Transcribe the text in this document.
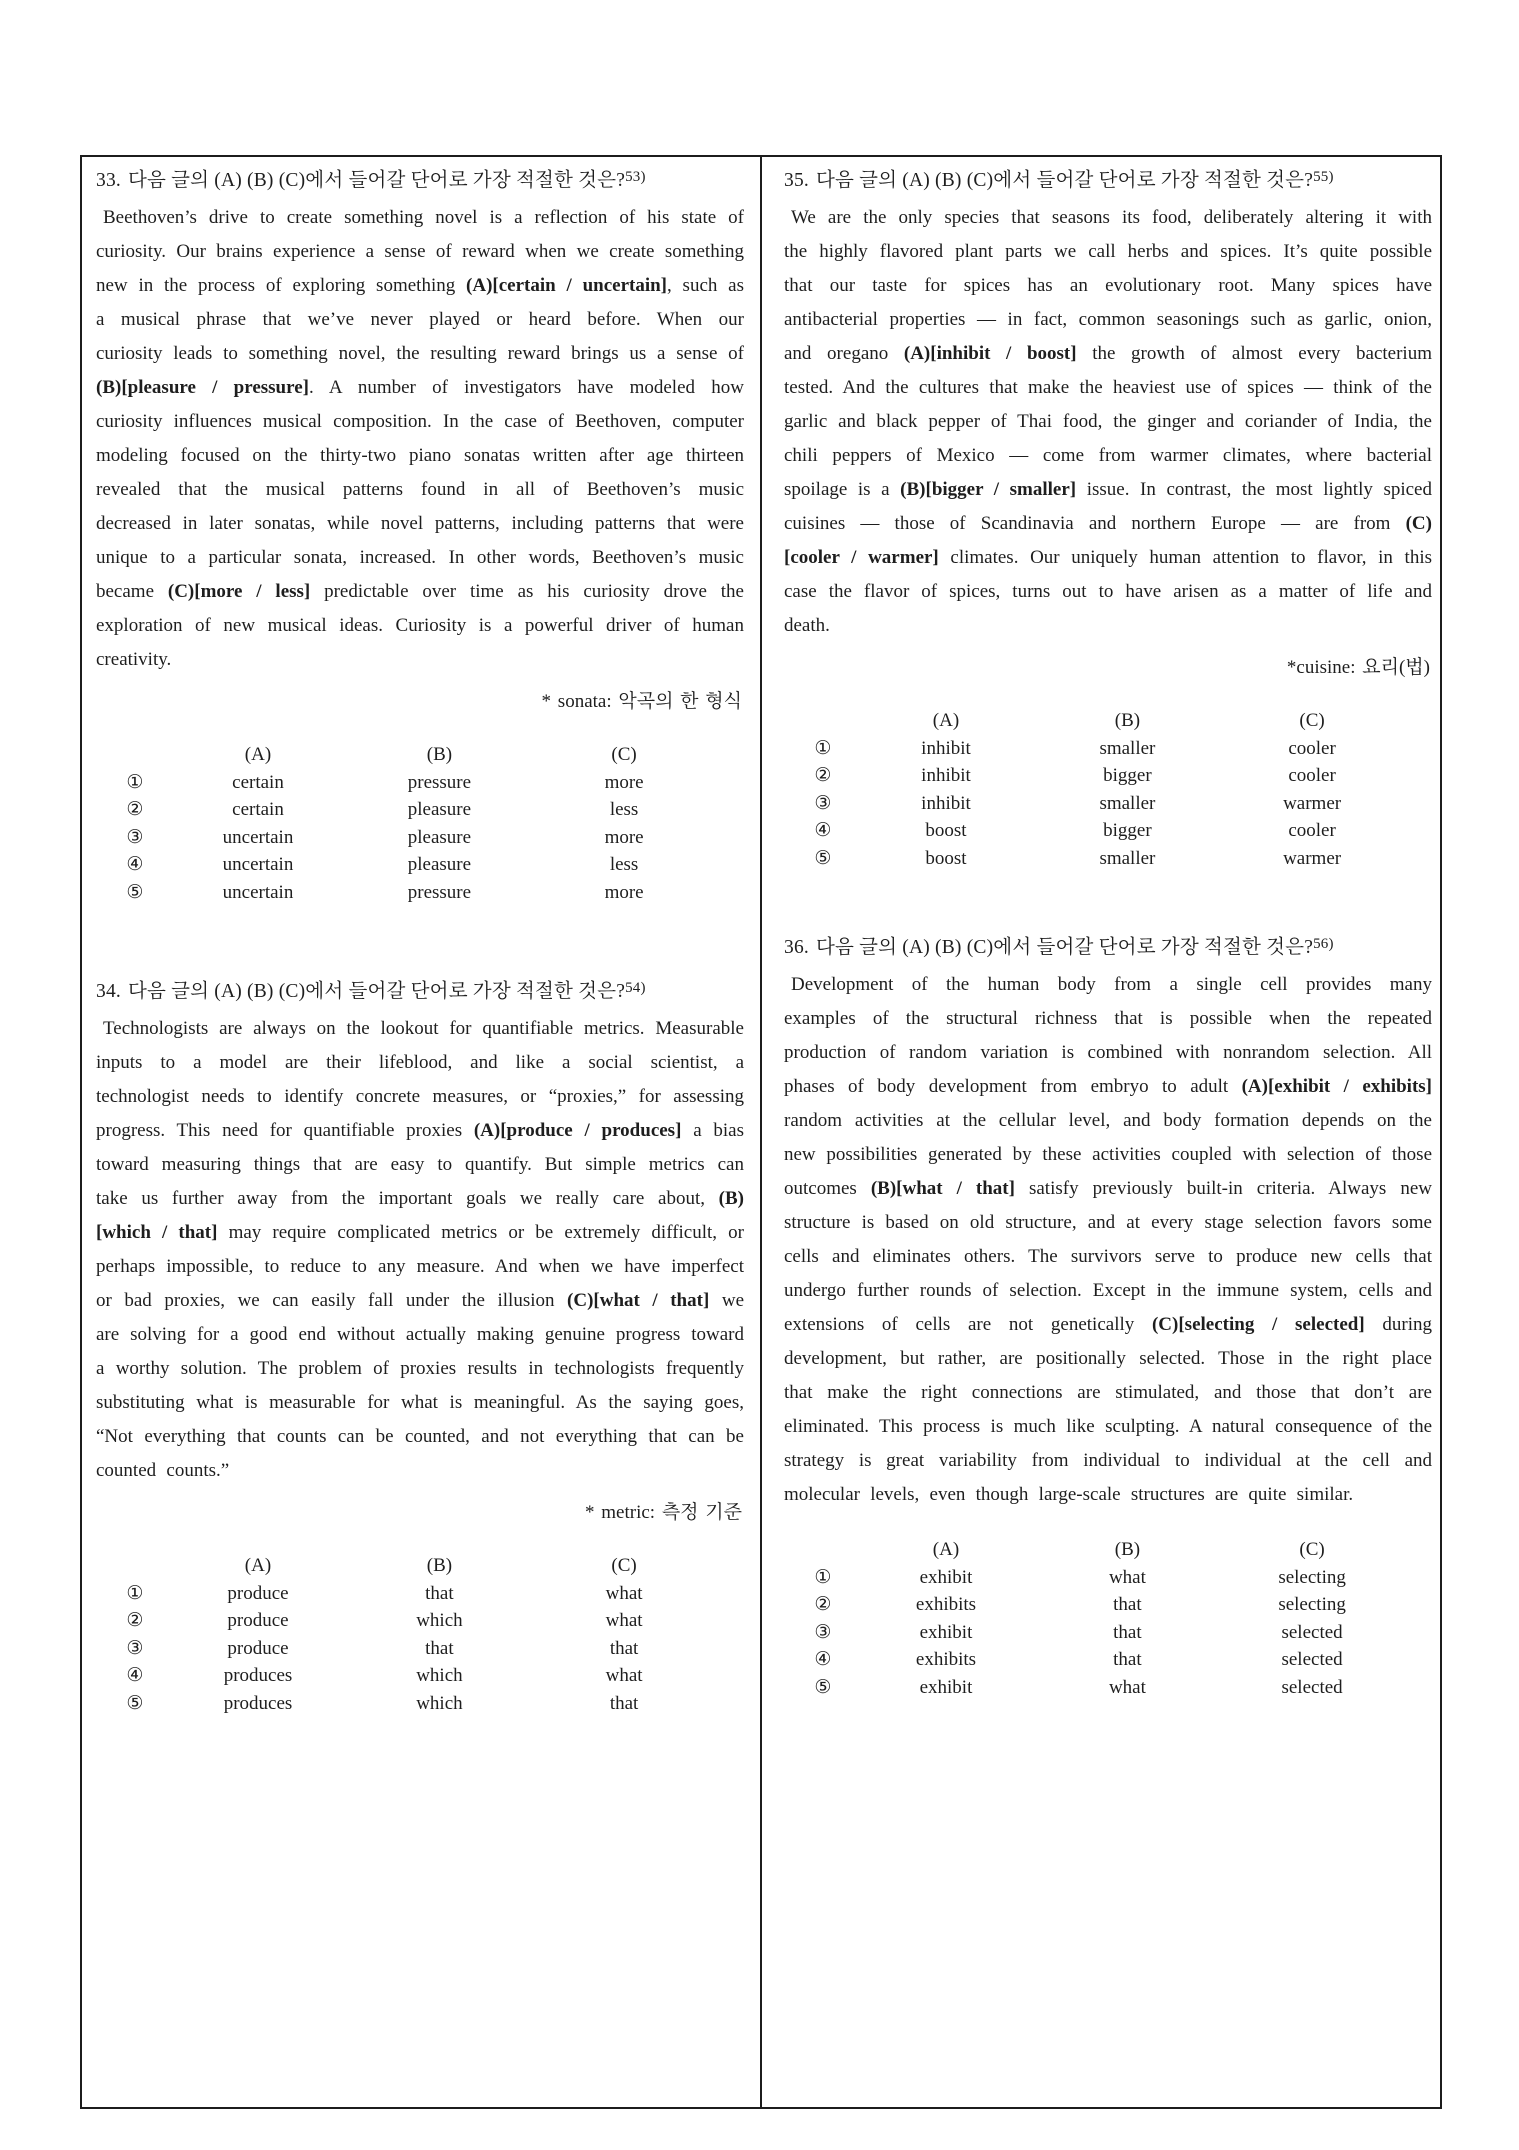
33. 다음 글의 (A) (B) (C)에서 들어갈 단어로 가장 적절한 것은?$^{53)}$

Beethoven’s drive to create something novel is a reflection of his state of curiosity. Our brains experience a sense of reward when we create something new in the process of exploring something (A)[certain / uncertain], such as a musical phrase that we’ve never played or heard before. When our curiosity leads to something novel, the resulting reward brings us a sense of (B)[pleasure / pressure]. A number of investigators have modeled how curiosity influences musical composition. In the case of Beethoven, computer modeling focused on the thirty-two piano sonatas written after age thirteen revealed that the musical patterns found in all of Beethoven’s music decreased in later sonatas, while novel patterns, including patterns that were unique to a particular sonata, increased. In other words, Beethoven’s music became (C)[more / less] predictable over time as his curiosity drove the exploration of new musical ideas. Curiosity is a powerful driver of human creativity.

* sonata: 악곡의 한 형식

(A)	(B)	(C)
①	certain	pressure	more
②	certain	pleasure	less
③	uncertain	pleasure	more
④	uncertain	pleasure	less
⑤	uncertain	pressure	more
34. 다음 글의 (A) (B) (C)에서 들어갈 단어로 가장 적절한 것은?$^{54)}$

Technologists are always on the lookout for quantifiable metrics. Measurable inputs to a model are their lifeblood, and like a social scientist, a technologist needs to identify concrete measures, or “proxies,” for assessing progress. This need for quantifiable proxies (A)[produce / produces] a bias toward measuring things that are easy to quantify. But simple metrics can take us further away from the important goals we really care about, (B)[which / that] may require complicated metrics or be extremely difficult, or perhaps impossible, to reduce to any measure. And when we have imperfect or bad proxies, we can easily fall under the illusion (C)[what / that] we are solving for a good end without actually making genuine progress toward a worthy solution. The problem of proxies results in technologists frequently substituting what is measurable for what is meaningful. As the saying goes, “Not everything that counts can be counted, and not everything that can be counted counts.”

* metric: 측정 기준

(A)	(B)	(C)
①	produce	that	what
②	produce	which	what
③	produce	that	that
④	produces	which	what
⑤	produces	which	that
35. 다음 글의 (A) (B) (C)에서 들어갈 단어로 가장 적절한 것은?$^{55)}$

We are the only species that seasons its food, deliberately altering it with the highly flavored plant parts we call herbs and spices. It’s quite possible that our taste for spices has an evolutionary root. Many spices have antibacterial properties — in fact, common seasonings such as garlic, onion, and oregano (A)[inhibit / boost] the growth of almost every bacterium tested. And the cultures that make the heaviest use of spices — think of the garlic and black pepper of Thai food, the ginger and coriander of India, the chili peppers of Mexico — come from warmer climates, where bacterial spoilage is a (B)[bigger / smaller] issue. In contrast, the most lightly spiced cuisines — those of Scandinavia and northern Europe — are from (C)[cooler / warmer] climates. Our uniquely human attention to flavor, in this case the flavor of spices, turns out to have arisen as a matter of life and death.

*cuisine: 요리(법)

(A)	(B)	(C)
①	inhibit	smaller	cooler
②	inhibit	bigger	cooler
③	inhibit	smaller	warmer
④	boost	bigger	cooler
⑤	boost	smaller	warmer
36. 다음 글의 (A) (B) (C)에서 들어갈 단어로 가장 적절한 것은?$^{56)}$

Development of the human body from a single cell provides many examples of the structural richness that is possible when the repeated production of random variation is combined with nonrandom selection. All phases of body development from embryo to adult (A)[exhibit / exhibits] random activities at the cellular level, and body formation depends on the new possibilities generated by these activities coupled with selection of those outcomes (B)[what / that] satisfy previously built-in criteria. Always new structure is based on old structure, and at every stage selection favors some cells and eliminates others. The survivors serve to produce new cells that undergo further rounds of selection. Except in the immune system, cells and extensions of cells are not genetically (C)[selecting / selected] during development, but rather, are positionally selected. Those in the right place that make the right connections are stimulated, and those that don’t are eliminated. This process is much like sculpting. A natural consequence of the strategy is great variability from individual to individual at the cell and molecular levels, even though large-scale structures are quite similar.

(A)	(B)	(C)
①	exhibit	what	selecting
②	exhibits	that	selecting
③	exhibit	that	selected
④	exhibits	that	selected
⑤	exhibit	what	selected
